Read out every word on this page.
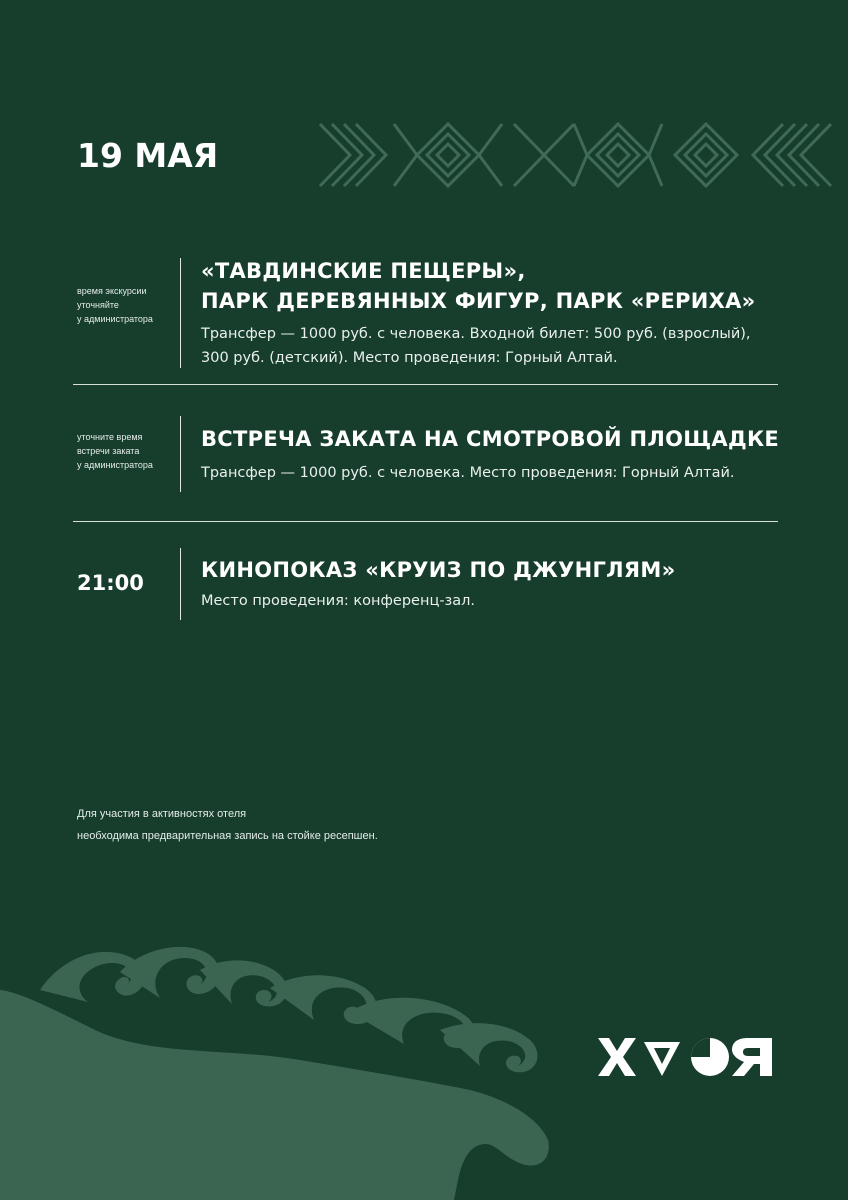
19 МАЯ
время экскурсии
уточняйте
у администратора
«ТАВДИНСКИЕ ПЕЩЕРЫ»,
ПАРК ДЕРЕВЯННЫХ ФИГУР, ПАРК «РЕРИХА»
Трансфер — 1000 руб. с человека. Входной билет: 500 руб. (взрослый),
300 руб. (детский). Место проведения: Горный Алтай.
уточните время
встречи заката
у администратора
ВСТРЕЧА ЗАКАТА НА СМОТРОВОЙ ПЛОЩАДКЕ
Трансфер — 1000 руб. с человека. Место проведения: Горный Алтай.
21:00
КИНОПОКАЗ «КРУИЗ ПО ДЖУНГЛЯМ»
Место проведения: конференц-зал.
Для участия в активностях отеля
необходима предварительная запись на стойке ресепшен.
